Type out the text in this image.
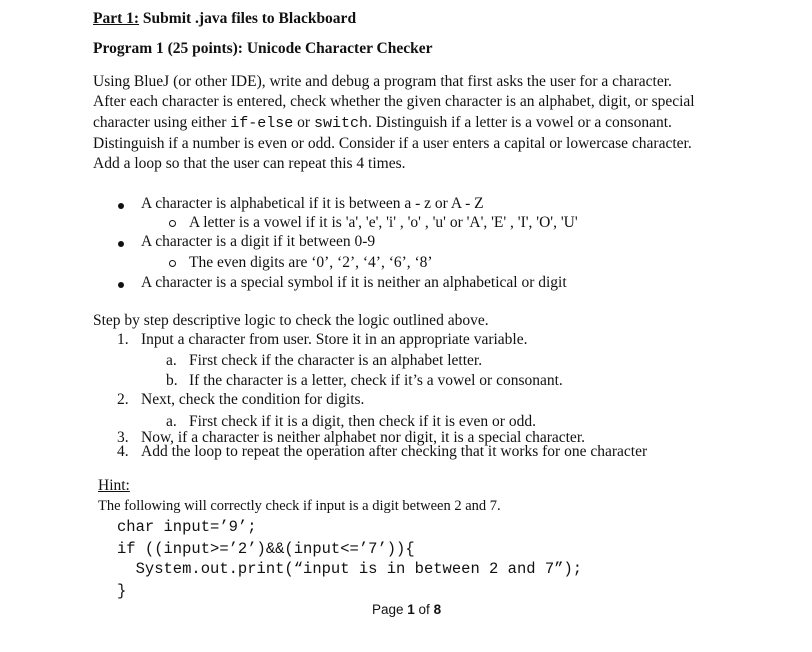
Part 1: Submit .java files to Blackboard
Program 1 (25 points): Unicode Character Checker
Using BlueJ (or other IDE), write and debug a program that first asks the user for a character.
After each character is entered, check whether the given character is an alphabet, digit, or special
character using either if-else or switch. Distinguish if a letter is a vowel or a consonant.
Distinguish if a number is even or odd. Consider if a user enters a capital or lowercase character.
Add a loop so that the user can repeat this 4 times.
A character is alphabetical if it is between a - z or A - Z
A letter is a vowel if it is 'a', 'e', 'i' , 'o' , 'u' or 'A', 'E' , 'I', 'O', 'U'
A character is a digit if it between 0-9
The even digits are ‘0’, ‘2’, ‘4’, ‘6’, ‘8’
A character is a special symbol if it is neither an alphabetical or digit
Step by step descriptive logic to check the logic outlined above.
1. Input a character from user. Store it in an appropriate variable.
a. First check if the character is an alphabet letter.
b. If the character is a letter, check if it’s a vowel or consonant.
2. Next, check the condition for digits.
a. First check if it is a digit, then check if it is even or odd.
3. Now, if a character is neither alphabet nor digit, it is a special character.
4. Add the loop to repeat the operation after checking that it works for one character
Hint:
The following will correctly check if input is a digit between 2 and 7.
char input=’9’;
if ((input>=’2’)&&(input<=’7’)){
System.out.print(“input is in between 2 and 7”);
}
Page 1 of 8
